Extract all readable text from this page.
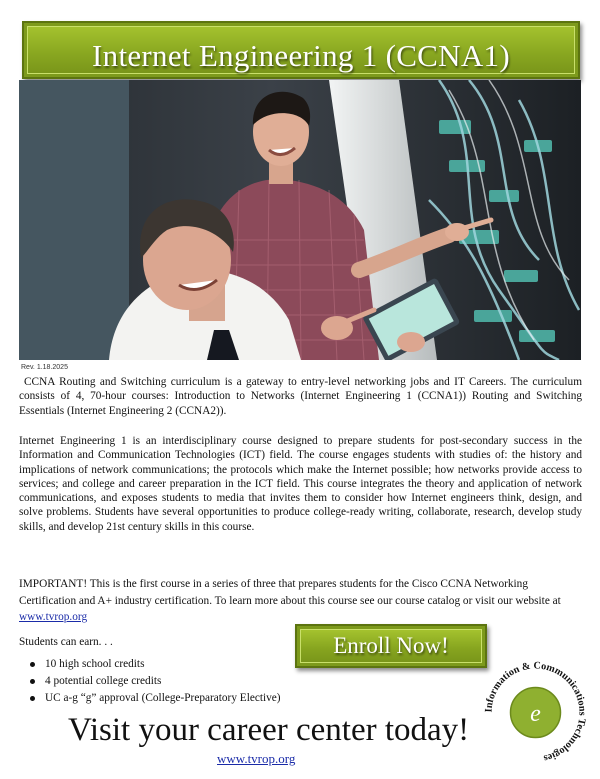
Internet Engineering 1 (CCNA1)
Rev. 1.18.2025

CCNA Routing and Switching curriculum is a gateway to entry-level networking jobs and IT Careers. The curriculum consists of 4, 70-hour courses: Introduction to Networks (Internet Engineering 1 (CCNA1)) Routing and Switching Essentials (Internet Engineering 2 (CCNA2)).

Internet Engineering 1 is an interdisciplinary course designed to prepare students for post-secondary success in the Information and Communication Technologies (ICT) field. The course engages students with studies of: the history and implications of network communications; the protocols which make the Internet possible; how networks provide access to services; and college and career preparation in the ICT field. This course integrates the theory and application of network communications, and exposes students to media that invites them to consider how Internet engineers think, design, and solve problems. Students have several opportunities to produce college-ready writing, collaborate, research, develop study skills, and develop 21st century skills in this course.

IMPORTANT! This is the first course in a series of three that prepares students for the Cisco CCNA Networking Certification and A+ industry certification. To learn more about this course see our course catalog or visit our website at www.tvrop.org

Students can earn. . .
10 high school credits
4 potential college credits
UC a-g “g” approval (College-Preparatory Elective)
Enroll Now!
Visit your career center today!
www.tvrop.org
Information & Communications Technologies
e
